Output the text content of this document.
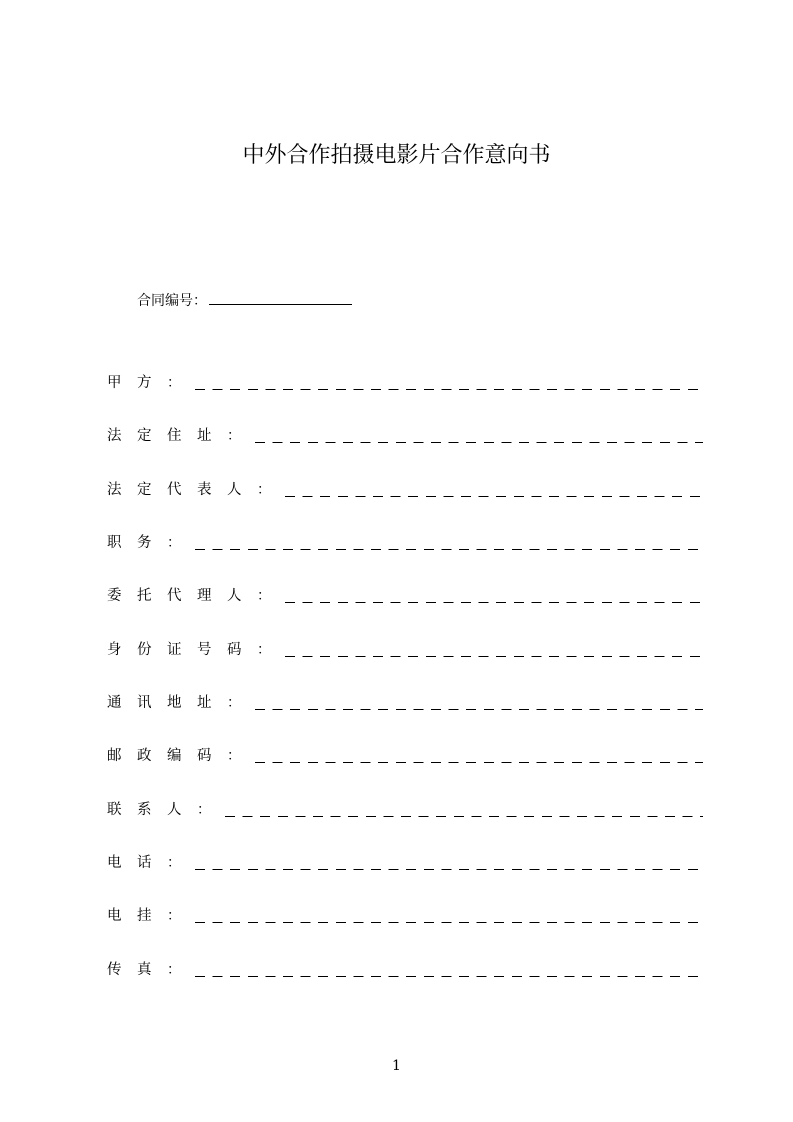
中外合作拍摄电影片合作意向书
合同编号：
甲方 ：
法定住址 ：
法定代表人 ：
职务 ：
委托代理人 ：
身份证号码 ：
通讯地址 ：
邮政编码 ：
联系人 ：
电话 ：
电挂 ：
传真 ：
1
